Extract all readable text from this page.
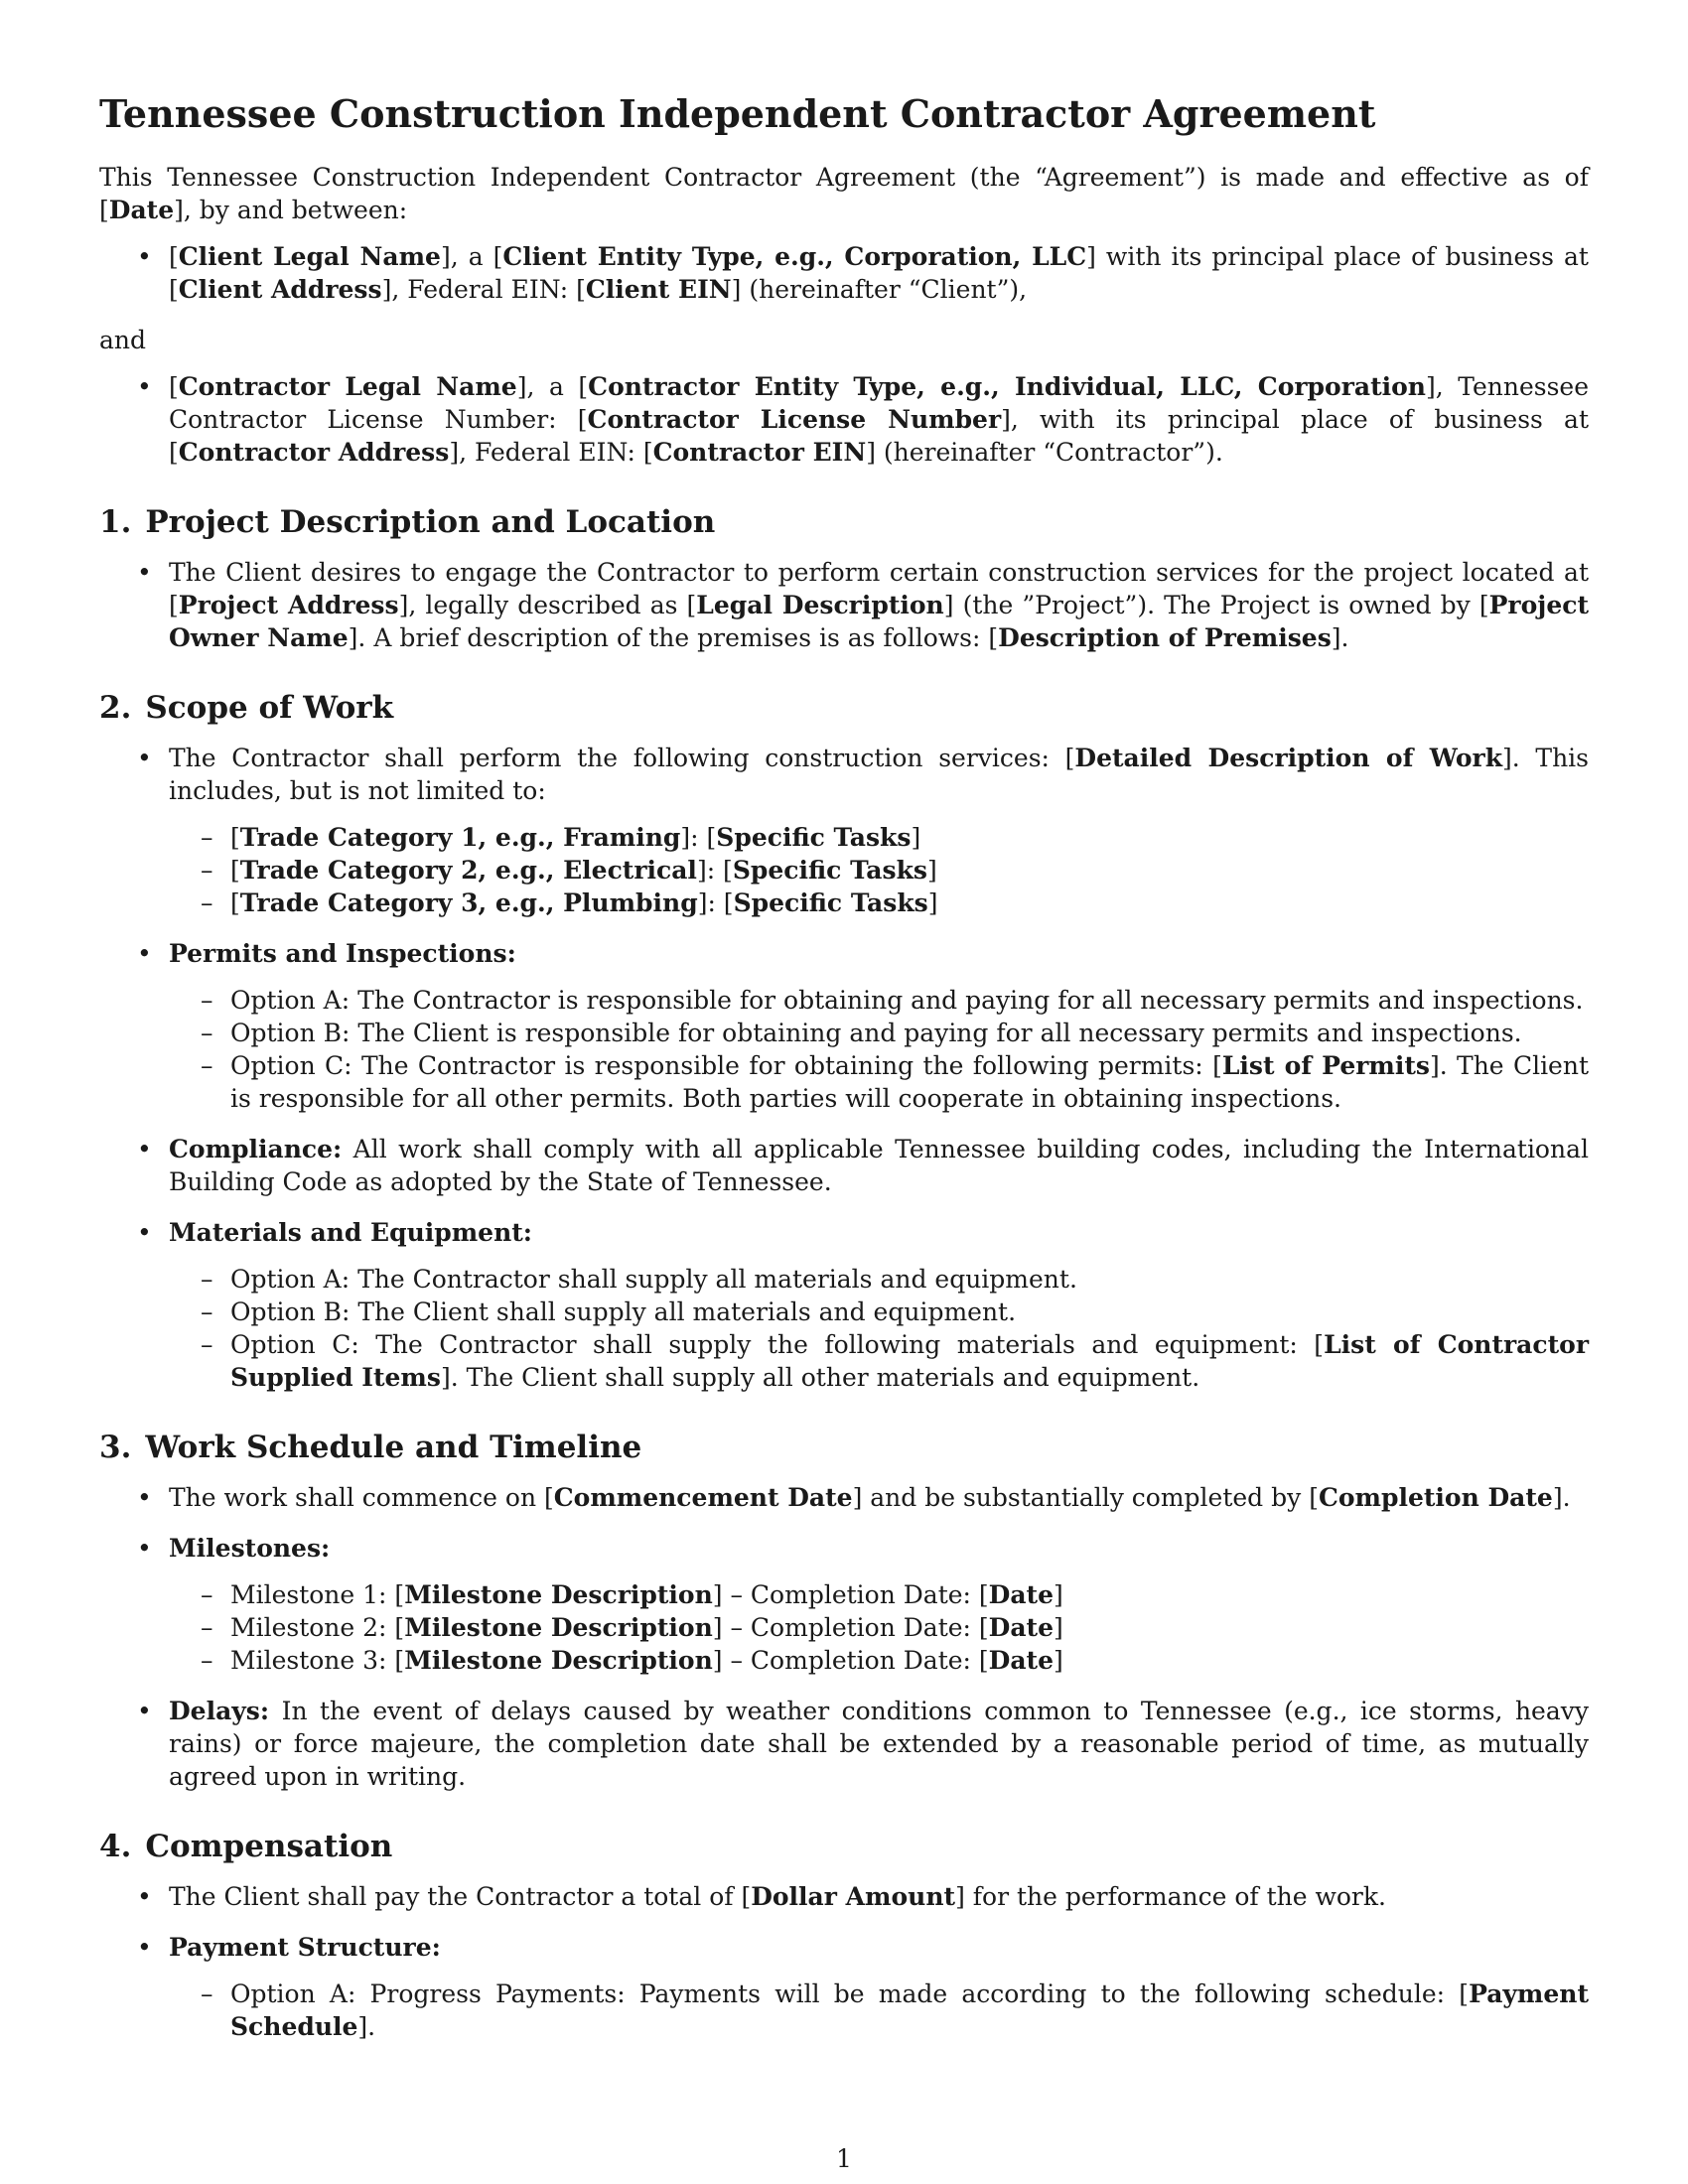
Tennessee Construction Independent Contractor Agreement

This Tennessee Construction Independent Contractor Agreement (the “Agreement”) is made and effective as of [Date], by and between:

• [Client Legal Name], a [Client Entity Type, e.g., Corporation, LLC] with its principal place of business at [Client Address], Federal EIN: [Client EIN] (hereinafter “Client”),

and

• [Contractor Legal Name], a [Contractor Entity Type, e.g., Individual, LLC, Corporation], Tennessee Contractor License Number: [Contractor License Number], with its principal place of business at [Contractor Address], Federal EIN: [Contractor EIN] (hereinafter “Contractor”).
1. Project Description and Location
• The Client desires to engage the Contractor to perform certain construction services for the project located at [Project Address], legally described as [Legal Description] (the ”Project”). The Project is owned by [Project Owner Name]. A brief description of the premises is as follows: [Description of Premises].
2. Scope of Work
• The Contractor shall perform the following construction services: [Detailed Description of Work]. This includes, but is not limited to:
– [Trade Category 1, e.g., Framing]: [Specific Tasks]
– [Trade Category 2, e.g., Electrical]: [Specific Tasks]
– [Trade Category 3, e.g., Plumbing]: [Specific Tasks]
• Permits and Inspections:
– Option A: The Contractor is responsible for obtaining and paying for all necessary permits and inspections.
– Option B: The Client is responsible for obtaining and paying for all necessary permits and inspections.
– Option C: The Contractor is responsible for obtaining the following permits: [List of Permits]. The Client is responsible for all other permits. Both parties will cooperate in obtaining inspections.
• Compliance: All work shall comply with all applicable Tennessee building codes, including the International Building Code as adopted by the State of Tennessee.
• Materials and Equipment:
– Option A: The Contractor shall supply all materials and equipment.
– Option B: The Client shall supply all materials and equipment.
– Option C: The Contractor shall supply the following materials and equipment: [List of Contractor Supplied Items]. The Client shall supply all other materials and equipment.
3. Work Schedule and Timeline
• The work shall commence on [Commencement Date] and be substantially completed by [Completion Date].
• Milestones:
– Milestone 1: [Milestone Description] – Completion Date: [Date]
– Milestone 2: [Milestone Description] – Completion Date: [Date]
– Milestone 3: [Milestone Description] – Completion Date: [Date]
• Delays: In the event of delays caused by weather conditions common to Tennessee (e.g., ice storms, heavy rains) or force majeure, the completion date shall be extended by a reasonable period of time, as mutually agreed upon in writing.
4. Compensation
• The Client shall pay the Contractor a total of [Dollar Amount] for the performance of the work.
• Payment Structure:
– Option A: Progress Payments: Payments will be made according to the following schedule: [Payment Schedule].
1
